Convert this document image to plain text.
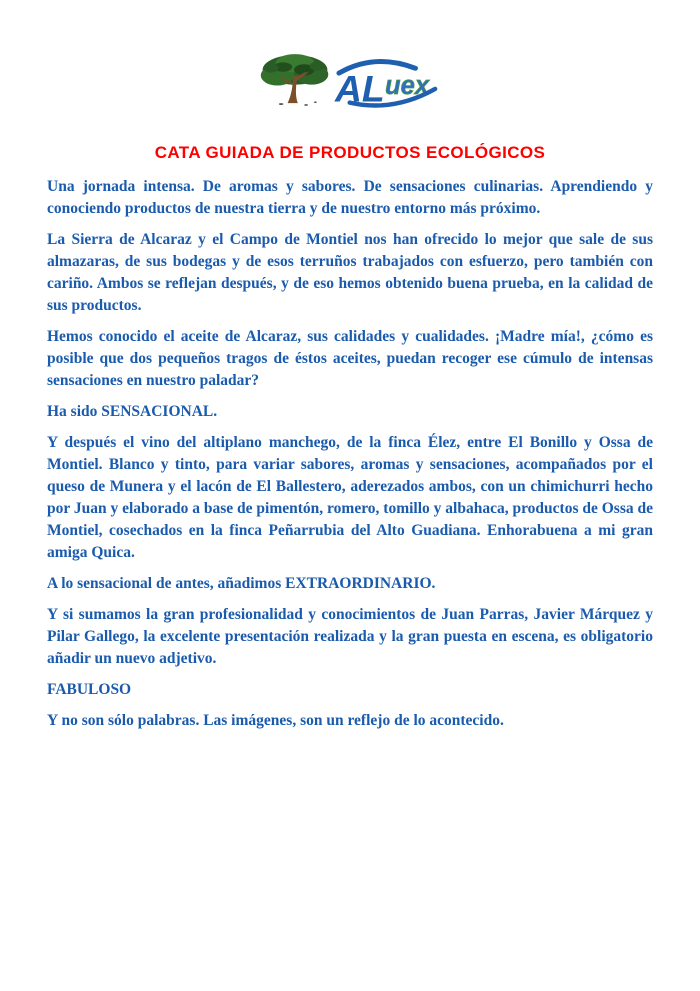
AL uex
CATA GUIADA DE PRODUCTOS ECOLÓGICOS

Una jornada intensa. De aromas y sabores. De sensaciones culinarias. Aprendiendo y conociendo productos de nuestra tierra y de nuestro entorno más próximo.

La Sierra de Alcaraz y el Campo de Montiel nos han ofrecido lo mejor que sale de sus almazaras, de sus bodegas y de esos terruños trabajados con esfuerzo, pero también con cariño. Ambos se reflejan después, y de eso hemos obtenido buena prueba, en la calidad de sus productos.

Hemos conocido el aceite de Alcaraz, sus calidades y cualidades. ¡Madre mía!, ¿cómo es posible que dos pequeños tragos de éstos aceites, puedan recoger ese cúmulo de intensas sensaciones en nuestro paladar?

Ha sido SENSACIONAL.

Y después el vino del altiplano manchego, de la finca Élez, entre El Bonillo y Ossa de Montiel. Blanco y tinto, para variar sabores, aromas y sensaciones, acompañados por el queso de Munera y el lacón de El Ballestero, aderezados ambos, con un chimichurri hecho por Juan y elaborado a base de pimentón, romero, tomillo y albahaca, productos de Ossa de Montiel, cosechados en la finca Peñarrubia del Alto Guadiana. Enhorabuena a mi gran amiga Quica.

A lo sensacional de antes, añadimos EXTRAORDINARIO.

Y si sumamos la gran profesionalidad y conocimientos de Juan Parras, Javier Márquez y Pilar Gallego, la excelente presentación realizada y la gran puesta en escena, es obligatorio añadir un nuevo adjetivo.

FABULOSO

Y no son sólo palabras. Las imágenes, son un reflejo de lo acontecido.
